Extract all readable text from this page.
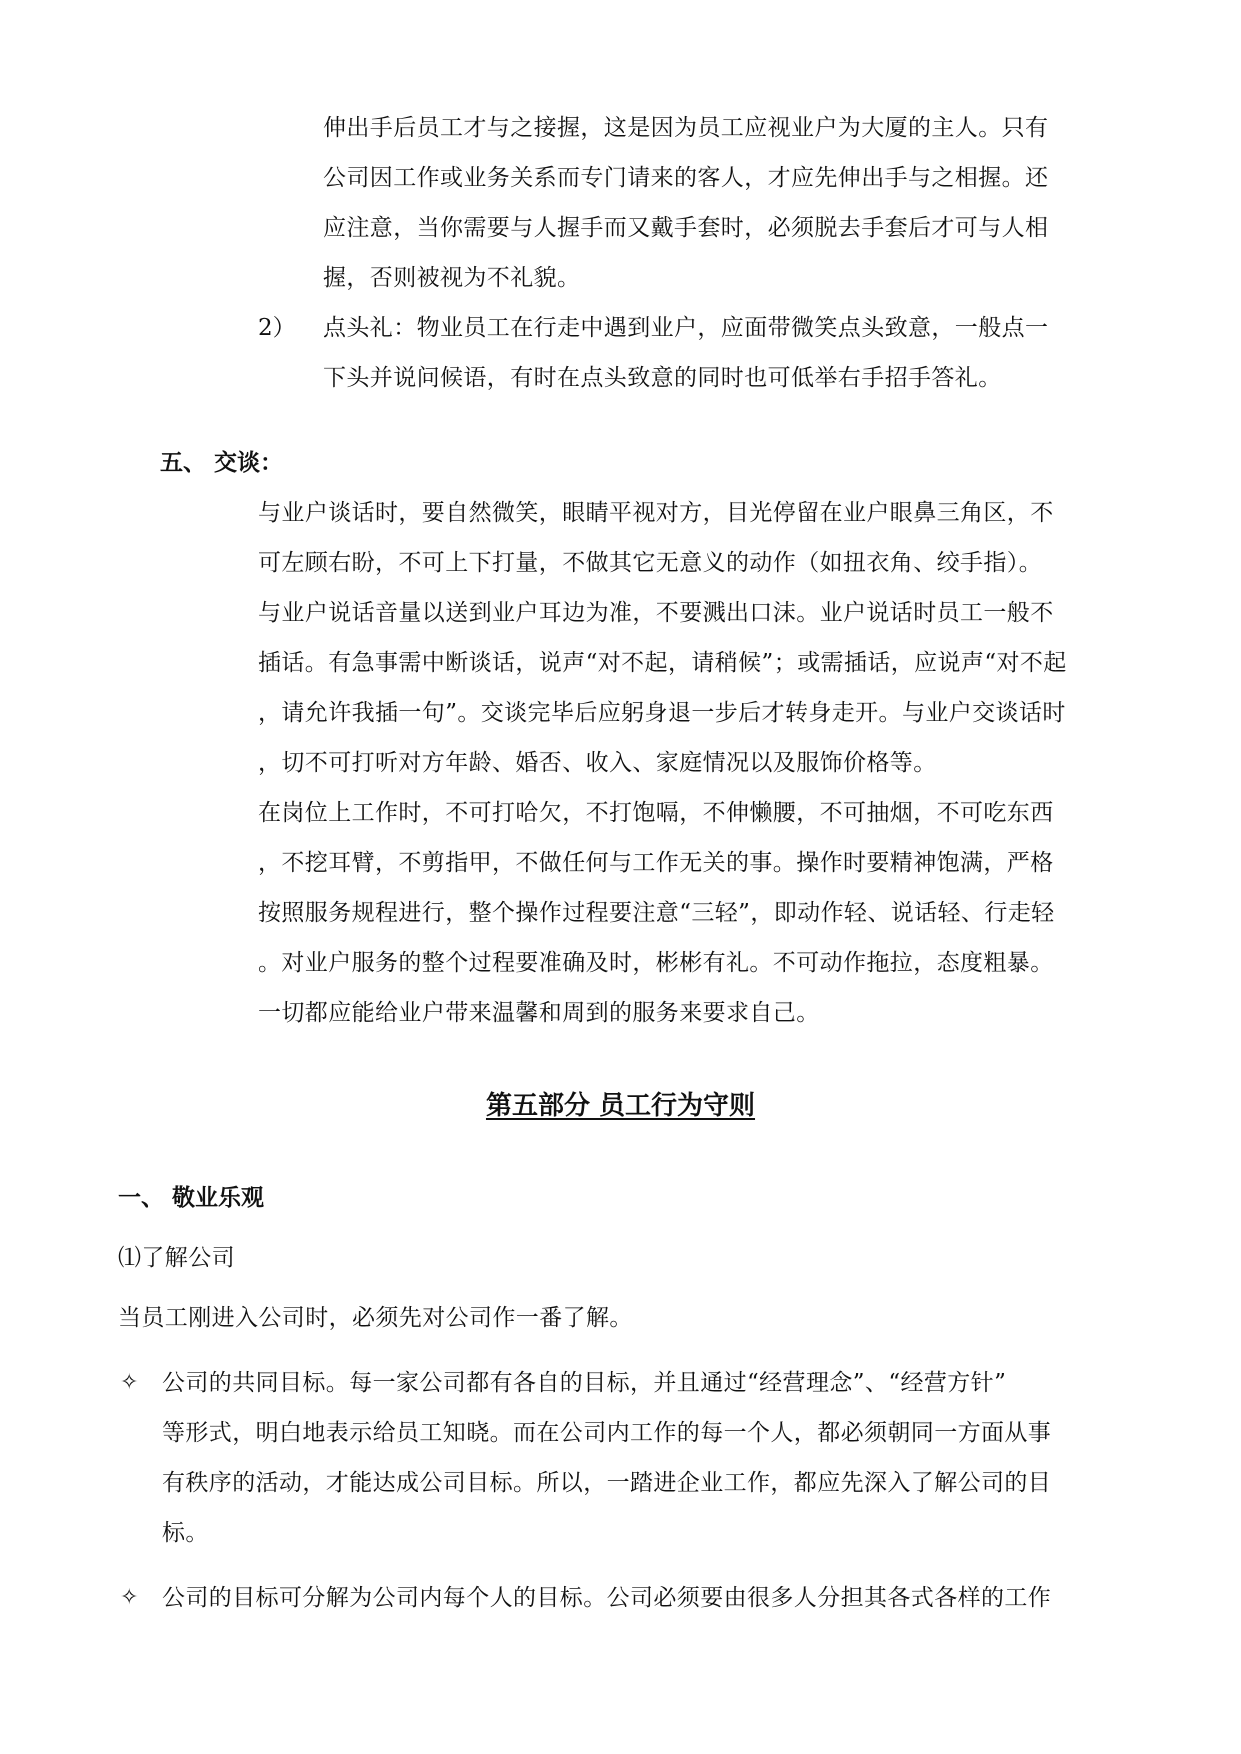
伸出手后员工才与之接握，这是因为员工应视业户为大厦的主人。只有
公司因工作或业务关系而专门请来的客人，才应先伸出手与之相握。还
应注意，当你需要与人握手而又戴手套时，必须脱去手套后才可与人相
握，否则被视为不礼貌。
2） 点头礼：物业员工在行走中遇到业户，应面带微笑点头致意，一般点一
下头并说问候语，有时在点头致意的同时也可低举右手招手答礼。
五、 交谈：
与业户谈话时，要自然微笑，眼睛平视对方，目光停留在业户眼鼻三角区，不
可左顾右盼，不可上下打量，不做其它无意义的动作（如扭衣角、绞手指）。
与业户说话音量以送到业户耳边为准，不要溅出口沫。业户说话时员工一般不
插话。有急事需中断谈话，说声“对不起，请稍候”；或需插话，应说声“对不起
，请允许我插一句”。交谈完毕后应躬身退一步后才转身走开。与业户交谈话时
，切不可打听对方年龄、婚否、收入、家庭情况以及服饰价格等。
在岗位上工作时，不可打哈欠，不打饱嗝，不伸懒腰，不可抽烟，不可吃东西
，不挖耳臂，不剪指甲，不做任何与工作无关的事。操作时要精神饱满，严格
按照服务规程进行，整个操作过程要注意“三轻”，即动作轻、说话轻、行走轻
。对业户服务的整个过程要准确及时，彬彬有礼。不可动作拖拉，态度粗暴。
一切都应能给业户带来温馨和周到的服务来要求自己。
第五部分 员工行为守则
一、 敬业乐观
⑴了解公司
当员工刚进入公司时，必须先对公司作一番了解。
✧ 公司的共同目标。每一家公司都有各自的目标，并且通过“经营理念”、“经营方针”
等形式，明白地表示给员工知晓。而在公司内工作的每一个人，都必须朝同一方面从事
有秩序的活动，才能达成公司目标。所以，一踏进企业工作，都应先深入了解公司的目
标。
✧ 公司的目标可分解为公司内每个人的目标。公司必须要由很多人分担其各式各样的工作
